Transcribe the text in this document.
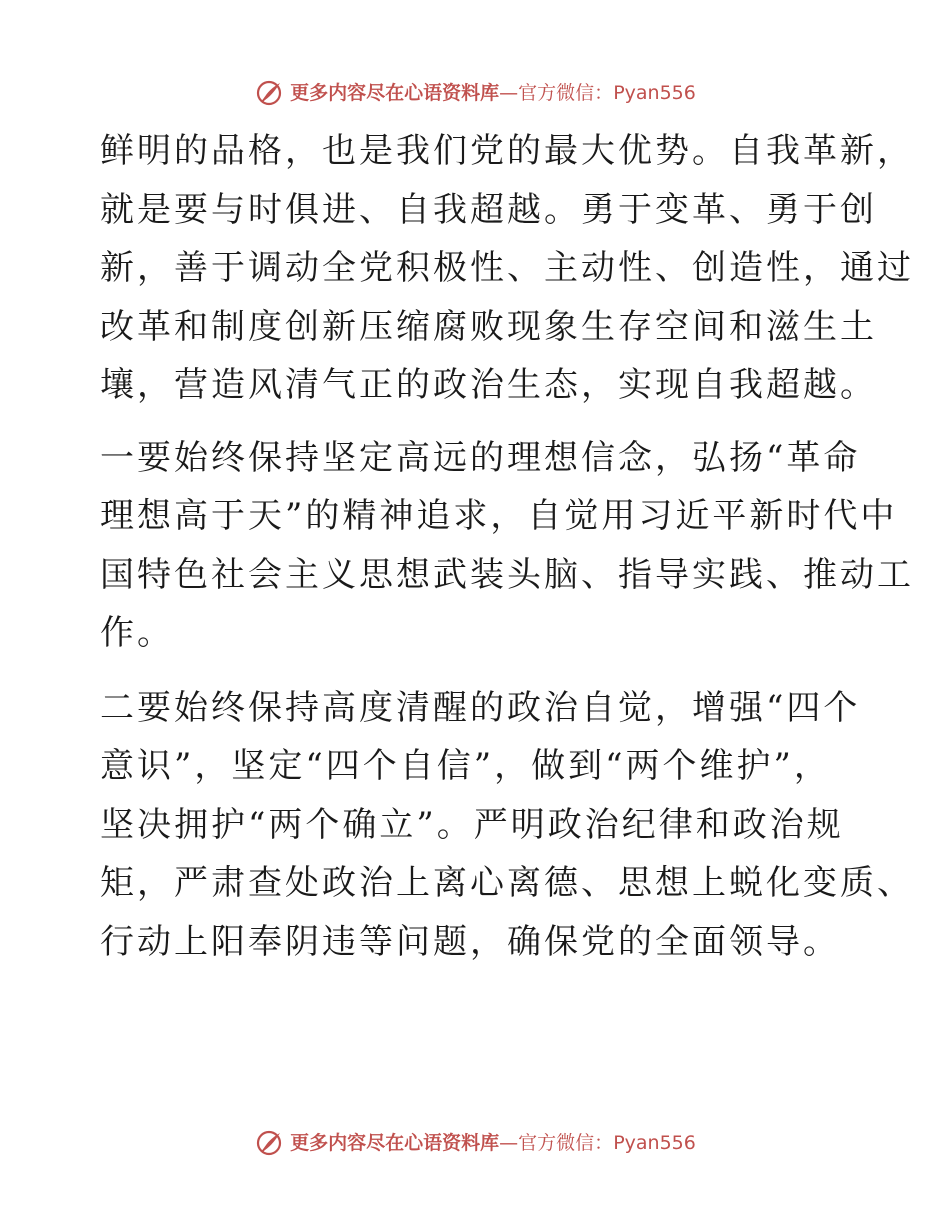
更多内容尽在心语资料库—官方微信：Pyan556

鲜明的品格，也是我们党的最大优势。自我革新，
就是要与时俱进、自我超越。勇于变革、勇于创
新，善于调动全党积极性、主动性、创造性，通过
改革和制度创新压缩腐败现象生存空间和滋生土
壤，营造风清气正的政治生态，实现自我超越。

一要始终保持坚定高远的理想信念，弘扬“革命
理想高于天”的精神追求，自觉用习近平新时代中
国特色社会主义思想武装头脑、指导实践、推动工
作。

二要始终保持高度清醒的政治自觉，增强“四个
意识”，坚定“四个自信”，做到“两个维护”，
坚决拥护“两个确立”。严明政治纪律和政治规
矩，严肃查处政治上离心离德、思想上蜕化变质、
行动上阳奉阴违等问题，确保党的全面领导。

更多内容尽在心语资料库—官方微信：Pyan556
